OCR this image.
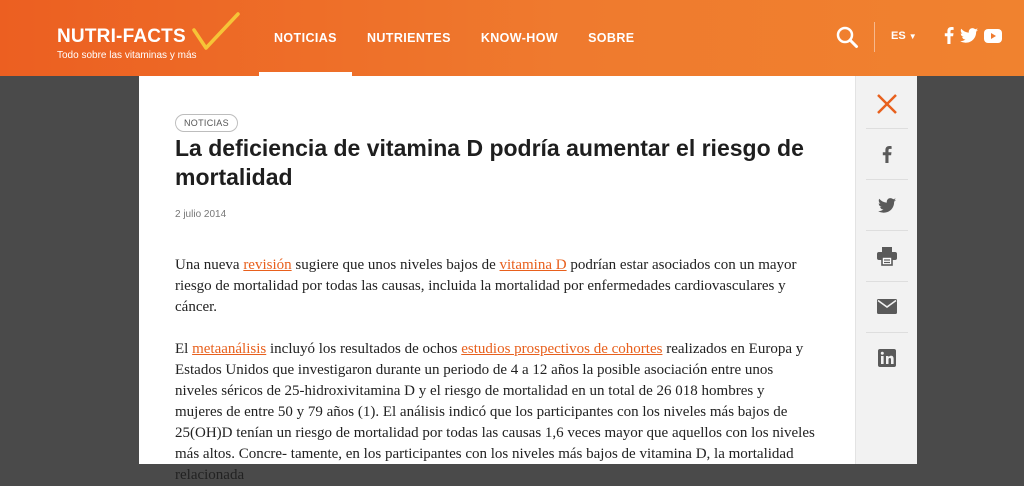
NUTRI-FACTS
Todo sobre las vitaminas y más
NOTICIAS	NUTRIENTES	KNOW-HOW	SOBRE	ES ▼
NOTICIAS
La deficiencia de vitamina D podría aumentar el riesgo de mortalidad
2 julio 2014

Una nueva revisión sugiere que unos niveles bajos de vitamina D podrían estar asociados con un mayor riesgo de mortalidad por todas las causas, incluida la mortalidad por enfermedades cardiovasculares y cáncer.

El metaanálisis incluyó los resultados de ochos estudios prospectivos de cohortes realizados en Europa y Estados Unidos que investigaron durante un periodo de 4 a 12 años la posible asociación entre unos niveles séricos de 25-hidroxivitamina D y el riesgo de mortalidad en un total de 26 018 hombres y mujeres de entre 50 y 79 años (1). El análisis indicó que los participantes con los niveles más bajos de 25(OH)D tenían un riesgo de mortalidad por todas las causas 1,6 veces mayor que aquellos con los niveles más altos. Concre- tamente, en los participantes con los niveles más bajos de vitamina D, la mortalidad relacionada
